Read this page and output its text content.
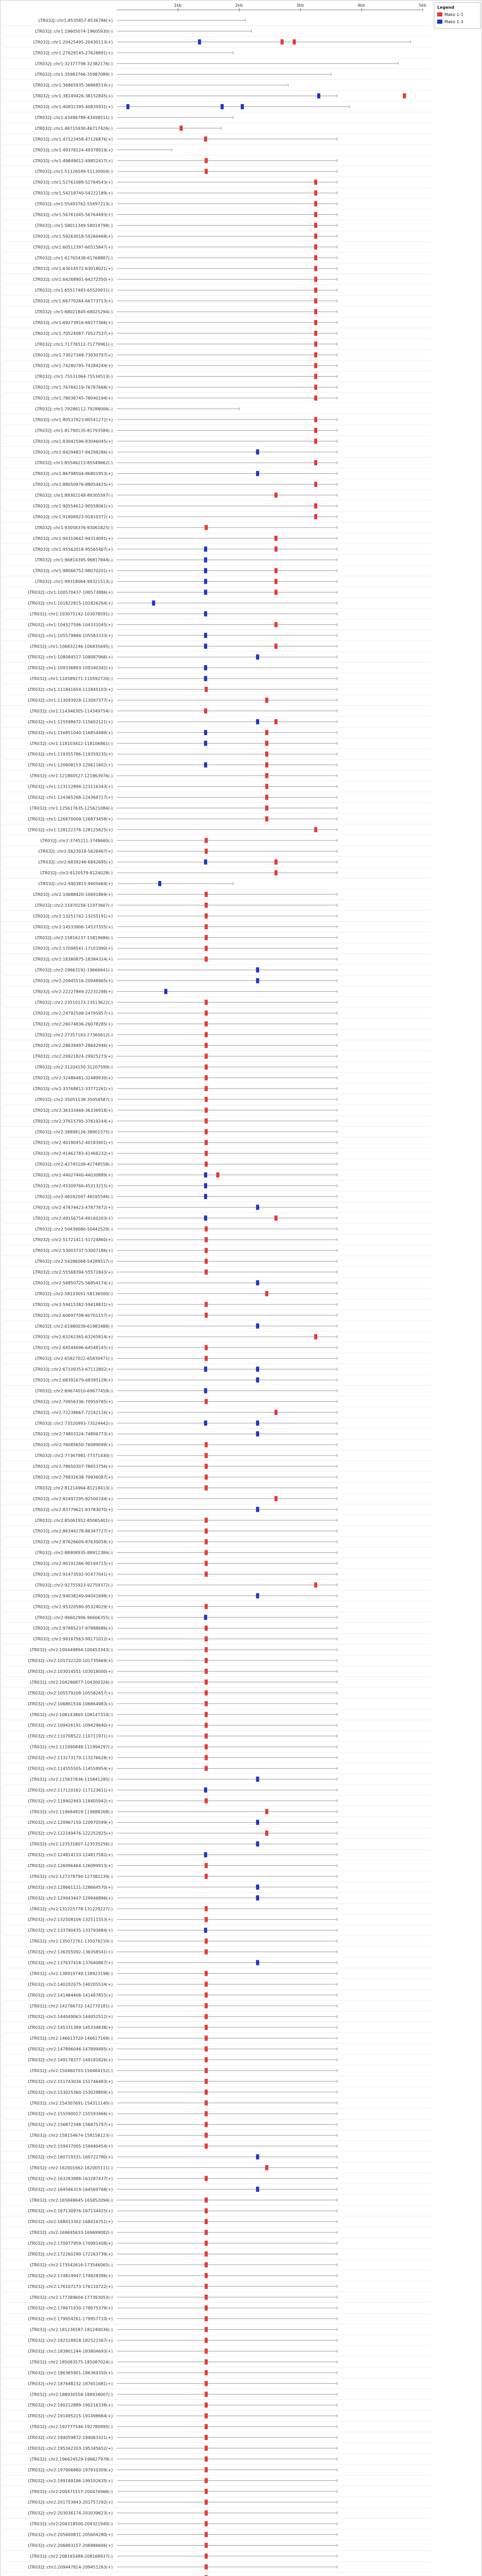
1kb	2kb	3kb	4kb	5kb
LTR032J::chr1:8535857-8536786(+)
LTR032J::chr1:19605074-19605930(-)
LTR032J::chr1:20425495-20430113(+)
LTR032J::chr1:27628145-27628891(+)
LTR032J::chr1:32377798-32382176(-)
LTR032J::chr1:35983766-35987089(-)
LTR032J::chr1:36865935-36868519(+)
LTR032J::chr1:38149426-38152845(+)
LTR032J::chr1:40832395-40835931(+)
LTR032J::chr1:43496789-43498511(-)
LTR032J::chr1:46715930-46717426(-)
LTR032J::chr1:47123458-47126876(+)
LTR032J::chr1:49378124-49378919(+)
LTR032J::chr1:49849012-49852417(+)
LTR032J::chr1:51126549-51130004(-)
LTR032J::chr1:52761089-52764543(+)
LTR032J::chr1:54218740-54222189(+)
LTR032J::chr1:55493762-55497213(-)
LTR032J::chr1:56761045-56764493(+)
LTR032J::chr1:58011349-58014798(-)
LTR032J::chr1:59263018-59266468(+)
LTR032J::chr1:60512397-60515847(+)
LTR032J::chr1:61765438-61768887(-)
LTR032J::chr1:63014572-63018021(+)
LTR032J::chr1:64268901-64272350(+)
LTR032J::chr1:65517483-65520931(-)
LTR032J::chr1:66770264-66773713(+)
LTR032J::chr1:68021845-68025294(-)
LTR032J::chr1:69273916-69277366(+)
LTR032J::chr1:70524087-70527537(+)
LTR032J::chr1:71776512-71779961(-)
LTR032J::chr1:73027348-73030797(+)
LTR032J::chr1:74280795-74284244(+)
LTR032J::chr1:75531064-75534513(-)
LTR032J::chr1:76784219-76787668(+)
LTR032J::chr1:78036745-78040194(+)
LTR032J::chr1:79286112-79288006(-)
LTR032J::chr1:80537823-80541272(+)
LTR032J::chr1:81790135-81793584(-)
LTR032J::chr1:83042596-83046045(+)
LTR032J::chr1:84294837-84298286(+)
LTR032J::chr1:85546213-85549662(-)
LTR032J::chr1:86798504-86801953(+)
LTR032J::chr1:88050976-88054425(+)
LTR032J::chr1:89302148-89305597(-)
LTR032J::chr1:90554612-90558061(+)
LTR032J::chr1:91806923-91810372(+)
LTR032J::chr1:93058376-93061825(-)
LTR032J::chr1:94310642-94314091(+)
LTR032J::chr1:95562018-95565467(+)
LTR032J::chr1:96814395-96817844(-)
LTR032J::chr1:98066752-98070201(+)
LTR032J::chr1:99318064-99321513(-)
LTR032J::chr1:100570437-100573886(+)
LTR032J::chr1:101822815-101826264(+)
LTR032J::chr1:103075142-103078591(-)
LTR032J::chr1:104327596-104331045(+)
LTR032J::chr1:105579884-105583333(+)
LTR032J::chr1:106832246-106835695(-)
LTR032J::chr1:108084517-108087966(+)
LTR032J::chr1:109336893-109340342(+)
LTR032J::chr1:110589271-110592720(-)
LTR032J::chr1:111841654-111845103(+)
LTR032J::chr1:113093928-113097377(+)
LTR032J::chr1:114346305-114349754(-)
LTR032J::chr1:115598672-115602121(+)
LTR032J::chr1:116851040-116854489(+)
LTR032J::chr1:118103412-118106861(-)
LTR032J::chr1:119355786-119359235(+)
LTR032J::chr1:120608153-120611602(+)
LTR032J::chr1:121860527-121863976(-)
LTR032J::chr1:123112894-123116343(+)
LTR032J::chr1:124365268-124368717(+)
LTR032J::chr1:125617635-125621084(-)
LTR032J::chr1:126870009-126873458(+)
LTR032J::chr1:128122376-128125825(+)
LTR032J::chr2:3745211-3748660(-)
LTR032J::chr2:5623018-5626467(+)
LTR032J::chr2:6839246-6842695(+)
LTR032J::chr2:8120579-8124028(-)
LTR032J::chr2:9403815-9405664(+)
LTR032J::chr2:10688420-10691869(+)
LTR032J::chr2:11970158-11973607(-)
LTR032J::chr2:13251742-13255191(+)
LTR032J::chr2:14533906-14537355(+)
LTR032J::chr2:15816237-15819686(-)
LTR032J::chr2:17098541-17101990(+)
LTR032J::chr2:18380875-18384324(+)
LTR032J::chr2:19663192-19666641(-)
LTR032J::chr2:20945516-20948965(+)
LTR032J::chr2:22227849-22231298(+)
LTR032J::chr2:23510173-23513622(-)
LTR032J::chr2:24792508-24795957(+)
LTR032J::chr2:26074836-26078285(+)
LTR032J::chr2:27357163-27360612(-)
LTR032J::chr2:28639497-28642946(+)
LTR032J::chr2:29921824-29925273(+)
LTR032J::chr2:31204150-31207599(-)
LTR032J::chr2:32486481-32489930(+)
LTR032J::chr2:33768812-33772261(+)
LTR032J::chr2:35051138-35054587(-)
LTR032J::chr2:36333469-36336918(+)
LTR032J::chr2:37615795-37619244(+)
LTR032J::chr2:38898126-38901575(-)
LTR032J::chr2:40180452-40183901(+)
LTR032J::chr2:41462783-41466232(+)
LTR032J::chr2:42745109-42748558(-)
LTR032J::chr2:44027440-44030889(+)
LTR032J::chr2:45309766-45313215(+)
LTR032J::chr2:46592097-46595546(-)
LTR032J::chr2:47874423-47877872(+)
LTR032J::chr2:49156754-49160203(+)
LTR032J::chr2:50439080-50442529(-)
LTR032J::chr2:51721411-51724860(+)
LTR032J::chr2:53003737-53007186(+)
LTR032J::chr2:54286068-54289517(-)
LTR032J::chr2:55568394-55571843(+)
LTR032J::chr2:56850725-56854174(+)
LTR032J::chr2:58133051-58136500(-)
LTR032J::chr2:59415382-59418831(+)
LTR032J::chr2:60697708-60701157(+)
LTR032J::chr2:61980039-61983488(-)
LTR032J::chr2:63262365-63265814(+)
LTR032J::chr2:64544696-64548145(+)
LTR032J::chr2:65827022-65830471(-)
LTR032J::chr2:67109353-67112802(+)
LTR032J::chr2:68391679-68395128(+)
LTR032J::chr2:69674010-69677459(-)
LTR032J::chr2:70956336-70959785(+)
LTR032J::chr2:72238667-72242116(+)
LTR032J::chr2:73520993-73524442(-)
LTR032J::chr2:74803324-74806773(+)
LTR032J::chr2:76085650-76089099(+)
LTR032J::chr2:77367981-77371430(-)
LTR032J::chr2:78650307-78653756(+)
LTR032J::chr2:79932638-79936087(+)
LTR032J::chr2:81214964-81218413(-)
LTR032J::chr2:82497295-82500744(+)
LTR032J::chr2:83779621-83783070(+)
LTR032J::chr2:85061952-85065401(-)
LTR032J::chr2:86344278-86347727(+)
LTR032J::chr2:87626609-87630058(+)
LTR032J::chr2:88908935-88912384(-)
LTR032J::chr2:90191266-90194715(+)
LTR032J::chr2:91473592-91477041(+)
LTR032J::chr2:92755923-92759372(-)
LTR032J::chr2:94038249-94041698(+)
LTR032J::chr2:95320580-95324029(+)
LTR032J::chr2:96602906-96606355(-)
LTR032J::chr2:97885237-97888686(+)
LTR032J::chr2:99167563-99171012(+)
LTR032J::chr2:100449894-100453343(-)
LTR032J::chr2:101732220-101735669(+)
LTR032J::chr2:103014551-103018000(+)
LTR032J::chr2:104296877-104300326(-)
LTR032J::chr2:105579208-105582657(+)
LTR032J::chr2:106861534-106864983(+)
LTR032J::chr2:108143865-108147314(-)
LTR032J::chr2:109426191-109429640(+)
LTR032J::chr2:110708522-110711971(+)
LTR032J::chr2:111990848-111994297(-)
LTR032J::chr2:113273179-113276628(+)
LTR032J::chr2:114555505-114558954(+)
LTR032J::chr2:115837836-115841285(-)
LTR032J::chr2:117120162-117123611(+)
LTR032J::chr2:118402493-118405942(+)
LTR032J::chr2:119684819-119688268(-)
LTR032J::chr2:120967150-120970599(+)
LTR032J::chr2:122249476-122252925(+)
LTR032J::chr2:123531807-123535256(-)
LTR032J::chr2:124814133-124817582(+)
LTR032J::chr2:126096464-126099913(+)
LTR032J::chr2:127378790-127382239(-)
LTR032J::chr2:128661121-128664570(+)
LTR032J::chr2:129943447-129946896(+)
LTR032J::chr2:131225778-131229227(-)
LTR032J::chr2:132508104-132511553(+)
LTR032J::chr2:133790435-133793884(+)
LTR032J::chr2:135072761-135076210(-)
LTR032J::chr2:136355092-136358541(+)
LTR032J::chr2:137637418-137640867(+)
LTR032J::chr2:138919749-138923198(-)
LTR032J::chr2:140202075-140205524(+)
LTR032J::chr2:141484406-141487855(+)
LTR032J::chr2:142766732-142770181(-)
LTR032J::chr2:144049063-144052512(+)
LTR032J::chr2:145331389-145334838(+)
LTR032J::chr2:146613720-146617169(-)
LTR032J::chr2:147896046-147899495(+)
LTR032J::chr2:149178377-149181826(+)
LTR032J::chr2:150460703-150464152(-)
LTR032J::chr2:151743034-151746483(+)
LTR032J::chr2:153025360-153028809(+)
LTR032J::chr2:154307691-154311140(-)
LTR032J::chr2:155590017-155593466(+)
LTR032J::chr2:156872348-156875797(+)
LTR032J::chr2:158154674-158158123(-)
LTR032J::chr2:159437005-159440454(+)
LTR032J::chr2:160719331-160722780(+)
LTR032J::chr2:162001662-162005111(-)
LTR032J::chr2:163283988-163287437(+)
LTR032J::chr2:164566319-164569768(+)
LTR032J::chr2:165848645-165852094(-)
LTR032J::chr2:167130976-167134425(+)
LTR032J::chr2:168413302-168416751(+)
LTR032J::chr2:169695633-169699082(-)
LTR032J::chr2:170977959-170981408(+)
LTR032J::chr2:172260290-172263739(+)
LTR032J::chr2:173542616-173546065(-)
LTR032J::chr2:174824947-174828396(+)
LTR032J::chr2:176107273-176110722(+)
LTR032J::chr2:177389604-177393053(-)
LTR032J::chr2:178671930-178675379(+)
LTR032J::chr2:179954261-179957710(+)
LTR032J::chr2:181236587-181240036(-)
LTR032J::chr2:182518918-182522367(+)
LTR032J::chr2:183801244-183804693(+)
LTR032J::chr2:185083575-185087024(-)
LTR032J::chr2:186365901-186369350(+)
LTR032J::chr2:187648232-187651681(+)
LTR032J::chr2:188930558-188934007(-)
LTR032J::chr2:190212889-190216338(+)
LTR032J::chr2:191495215-191498664(+)
LTR032J::chr2:192777546-192780995(-)
LTR032J::chr2:194059872-194063321(+)
LTR032J::chr2:195342203-195345652(+)
LTR032J::chr2:196624529-196627978(-)
LTR032J::chr2:197906860-197910309(+)
LTR032J::chr2:199189186-199192635(+)
LTR032J::chr2:200471517-200474966(-)
LTR032J::chr2:201753843-201757292(+)
LTR032J::chr2:203036174-203039623(+)
LTR032J::chr2:204318500-204321949(-)
LTR032J::chr2:205600831-205604280(+)
LTR032J::chr2:206883157-206886606(+)
LTR032J::chr2:208165488-208168937(-)
LTR032J::chr2:209447814-209451263(+)
Legend
Mako 1-1
Mako 1-3
